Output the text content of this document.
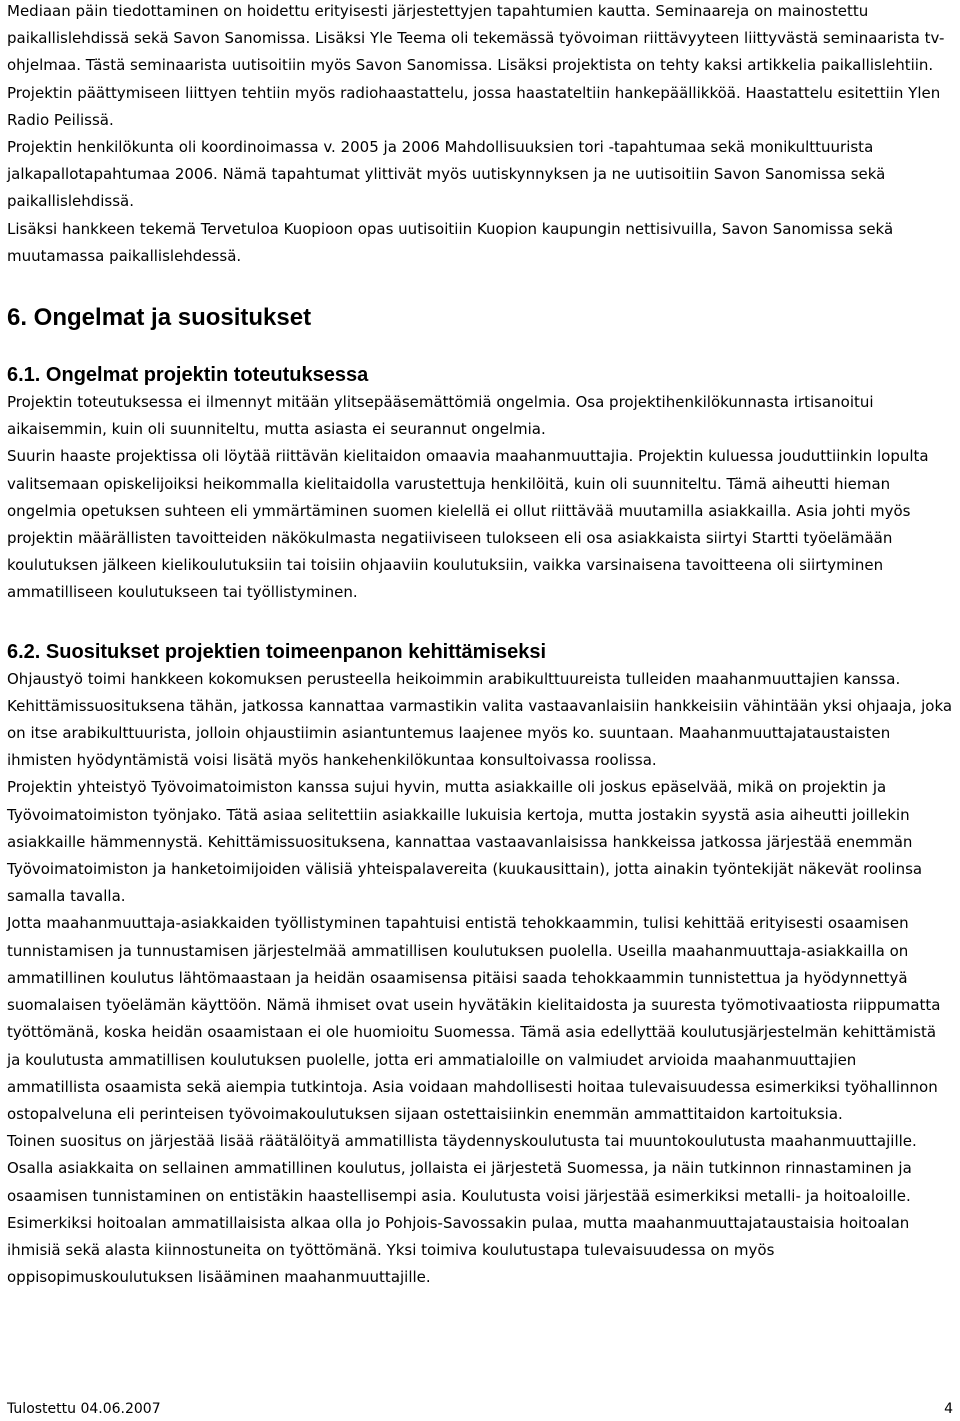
Mediaan päin tiedottaminen on hoidettu erityisesti järjestettyjen tapahtumien kautta. Seminaareja on mainostettu paikallislehdissä sekä Savon Sanomissa. Lisäksi Yle Teema oli tekemässä työvoiman riittävyyteen liittyvästä seminaarista tv-ohjelmaa. Tästä seminaarista uutisoitiin myös Savon Sanomissa. Lisäksi projektista on tehty kaksi artikkelia paikallislehtiin. Projektin päättymiseen liittyen tehtiin myös radiohaastattelu, jossa haastateltiin hankepäällikköä. Haastattelu esitettiin Ylen Radio Peilissä.

Projektin henkilökunta oli koordinoimassa v. 2005 ja 2006 Mahdollisuuksien tori -tapahtumaa sekä monikulttuurista jalkapallotapahtumaa 2006. Nämä tapahtumat ylittivät myös uutiskynnyksen ja ne uutisoitiin Savon Sanomissa sekä paikallislehdissä.

Lisäksi hankkeen tekemä Tervetuloa Kuopioon opas uutisoitiin Kuopion kaupungin nettisivuilla, Savon Sanomissa sekä muutamassa paikallislehdessä.

6. Ongelmat ja suositukset
6.1. Ongelmat projektin toteutuksessa

Projektin toteutuksessa ei ilmennyt mitään ylitsepääsemättömiä ongelmia. Osa projektihenkilökunnasta irtisanoitui aikaisemmin, kuin oli suunniteltu, mutta asiasta ei seurannut ongelmia.

Suurin haaste projektissa oli löytää riittävän kielitaidon omaavia maahanmuuttajia. Projektin kuluessa jouduttiinkin lopulta valitsemaan opiskelijoiksi heikommalla kielitaidolla varustettuja henkilöitä, kuin oli suunniteltu. Tämä aiheutti hieman ongelmia opetuksen suhteen eli ymmärtäminen suomen kielellä ei ollut riittävää muutamilla asiakkailla. Asia johti myös projektin määrällisten tavoitteiden näkökulmasta negatiiviseen tulokseen eli osa asiakkaista siirtyi Startti työelämään koulutuksen jälkeen kielikoulutuksiin tai toisiin ohjaaviin koulutuksiin, vaikka varsinaisena tavoitteena oli siirtyminen ammatilliseen koulutukseen tai työllistyminen.

6.2. Suositukset projektien toimeenpanon kehittämiseksi

Ohjaustyö toimi hankkeen kokomuksen perusteella heikoimmin arabikulttuureista tulleiden maahanmuuttajien kanssa. Kehittämissuosituksena tähän, jatkossa kannattaa varmastikin valita vastaavanlaisiin hankkeisiin vähintään yksi ohjaaja, joka on itse arabikulttuurista, jolloin ohjaustiimin asiantuntemus laajenee myös ko. suuntaan. Maahanmuuttajataustaisten ihmisten hyödyntämistä voisi lisätä myös hankehenkilökuntaa konsultoivassa roolissa.

Projektin yhteistyö Työvoimatoimiston kanssa sujui hyvin, mutta asiakkaille oli joskus epäselvää, mikä on projektin ja Työvoimatoimiston työnjako. Tätä asiaa selitettiin asiakkaille lukuisia kertoja, mutta jostakin syystä asia aiheutti joillekin asiakkaille hämmennystä. Kehittämissuosituksena, kannattaa vastaavanlaisissa hankkeissa jatkossa järjestää enemmän Työvoimatoimiston ja hanketoimijoiden välisiä yhteispalavereita (kuukausittain), jotta ainakin työntekijät näkevät roolinsa samalla tavalla.

Jotta maahanmuuttaja-asiakkaiden työllistyminen tapahtuisi entistä tehokkaammin, tulisi kehittää erityisesti osaamisen tunnistamisen ja tunnustamisen järjestelmää ammatillisen koulutuksen puolella. Useilla maahanmuuttaja-asiakkailla on ammatillinen koulutus lähtömaastaan ja heidän osaamisensa pitäisi saada tehokkaammin tunnistettua ja hyödynnettyä suomalaisen työelämän käyttöön. Nämä ihmiset ovat usein hyvätäkin kielitaidosta ja suuresta työmotivaatiosta riippumatta työttömänä, koska heidän osaamistaan ei ole huomioitu Suomessa. Tämä asia edellyttää koulutusjärjestelmän kehittämistä ja koulutusta ammatillisen koulutuksen puolelle, jotta eri ammatialoille on valmiudet arvioida maahanmuuttajien ammatillista osaamista sekä aiempia tutkintoja. Asia voidaan mahdollisesti hoitaa tulevaisuudessa esimerkiksi työhallinnon ostopalveluna eli perinteisen työvoimakoulutuksen sijaan ostettaisiinkin enemmän ammattitaidon kartoituksia.

Toinen suositus on järjestää lisää räätälöityä ammatillista täydennyskoulutusta tai muuntokoulutusta maahanmuuttajille. Osalla asiakkaita on sellainen ammatillinen koulutus, jollaista ei järjestetä Suomessa, ja näin tutkinnon rinnastaminen ja osaamisen tunnistaminen on entistäkin haastellisempi asia. Koulutusta voisi järjestää esimerkiksi metalli- ja hoitoaloille. Esimerkiksi hoitoalan ammatillaisista alkaa olla jo Pohjois-Savossakin pulaa, mutta maahanmuuttajataustaisia hoitoalan ihmisiä sekä alasta kiinnostuneita on työttömänä. Yksi toimiva koulutustapa tulevaisuudessa on myös oppisopimuskoulutuksen lisääminen maahanmuuttajille.

Tulostettu 04.06.2007	4
